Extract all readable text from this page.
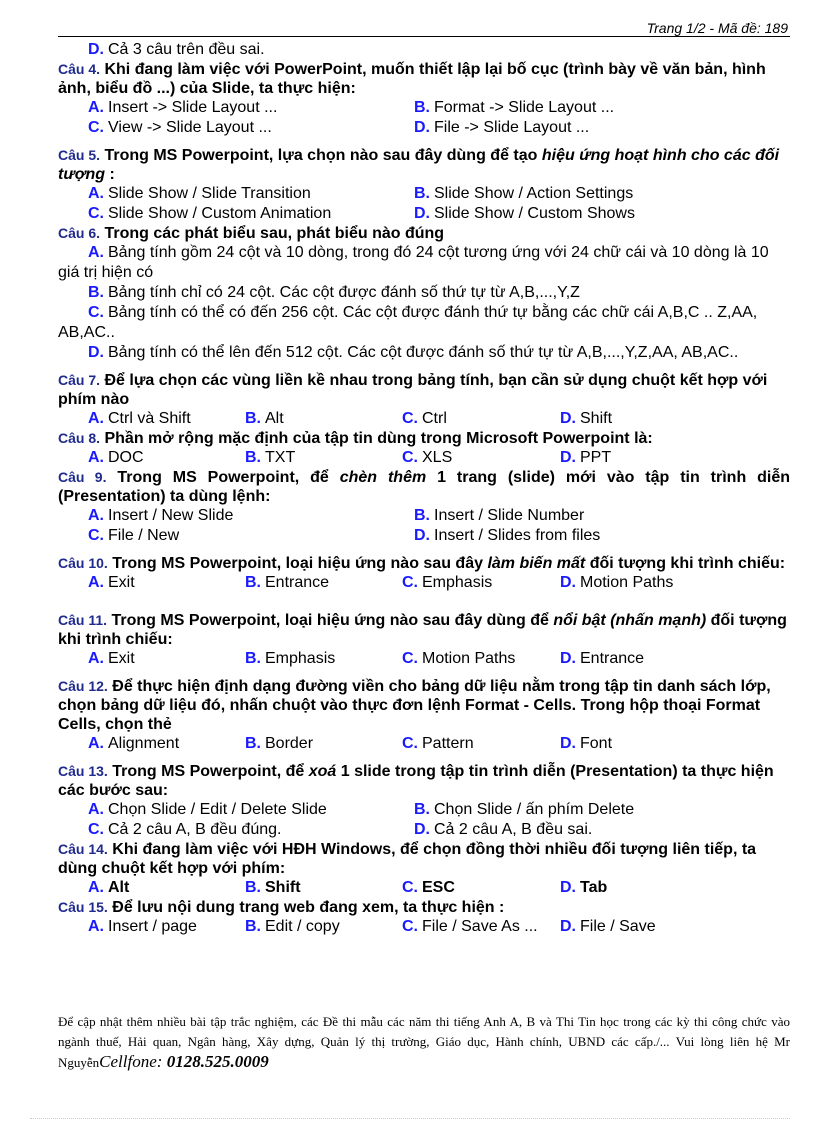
Trang 1/2 - Mã đề: 189
D. Cả 3 câu trên đều sai.
Câu 4. Khi đang làm việc với PowerPoint, muốn thiết lập lại bố cục (trình bày về văn bản, hình ảnh, biểu đồ ...) của Slide, ta thực hiện:
A. Insert -> Slide Layout ...	B. Format -> Slide Layout ...
C. View -> Slide Layout ...	D. File -> Slide Layout ...
Câu 5. Trong MS Powerpoint, lựa chọn nào sau đây dùng để tạo hiệu ứng hoạt hình cho các đối tượng :
A. Slide Show / Slide Transition	B. Slide Show / Action Settings
C. Slide Show / Custom Animation	D. Slide Show / Custom Shows
Câu 6. Trong các phát biểu sau, phát biểu nào đúng
A. Bảng tính gồm 24 cột và 10 dòng, trong đó 24 cột tương ứng với 24 chữ cái và 10 dòng là 10 giá trị hiện có
B. Bảng tính chỉ có 24 cột. Các cột được đánh số thứ tự từ A,B,...,Y,Z
C. Bảng tính có thể có đến 256 cột. Các cột được đánh thứ tự bằng các chữ cái A,B,C .. Z,AA, AB,AC..
D. Bảng tính có thể lên đến 512 cột. Các cột được đánh số thứ tự từ A,B,...,Y,Z,AA, AB,AC..
Câu 7. Để lựa chọn các vùng liền kề nhau trong bảng tính, bạn cần sử dụng chuột kết hợp với phím nào
A. Ctrl và Shift	B. Alt	C. Ctrl	D. Shift
Câu 8. Phần mở rộng mặc định của tập tin dùng trong Microsoft Powerpoint là:
A. DOC	B. TXT	C. XLS	D. PPT
Câu 9. Trong MS Powerpoint, để chèn thêm 1 trang (slide) mới vào tập tin trình diễn (Presentation) ta dùng lệnh:
A. Insert / New Slide	B. Insert / Slide Number
C. File / New	D. Insert / Slides from files
Câu 10. Trong MS Powerpoint, loại hiệu ứng nào sau đây làm biến mất đối tượng khi trình chiếu:
A. Exit	B. Entrance	C. Emphasis	D. Motion Paths
Câu 11. Trong MS Powerpoint, loại hiệu ứng nào sau đây dùng để nổi bật (nhấn mạnh) đối tượng khi trình chiếu:
A. Exit	B. Emphasis	C. Motion Paths	D. Entrance
Câu 12. Để thực hiện định dạng đường viền cho bảng dữ liệu nằm trong tập tin danh sách lớp, chọn bảng dữ liệu đó, nhấn chuột vào thực đơn lệnh Format - Cells. Trong hộp thoại Format Cells, chọn thẻ
A. Alignment	B. Border	C. Pattern	D. Font
Câu 13. Trong MS Powerpoint, để xoá 1 slide trong tập tin trình diễn (Presentation) ta thực hiện các bước sau:
A. Chọn Slide / Edit / Delete Slide	B. Chọn Slide / ấn phím Delete
C. Cả 2 câu A, B đều đúng.	D. Cả 2 câu A, B đều sai.
Câu 14. Khi đang làm việc với HĐH Windows, để chọn đồng thời nhiều đối tượng liên tiếp, ta dùng chuột kết hợp với phím:
A. Alt	B. Shift	C. ESC	D. Tab
Câu 15. Để lưu nội dung trang web đang xem, ta thực hiện :
A. Insert / page	B. Edit / copy	C. File / Save As ...	D. File / Save
Để cập nhật thêm nhiều bài tập trắc nghiệm, các Đề thi mẫu các năm thi tiếng Anh A, B và Thi Tin học trong các kỳ thi công chức vào ngành thuế, Hải quan, Ngân hàng, Xây dựng, Quản lý thị trường, Giáo dục, Hành chính, UBND các cấp./... Vui lòng liên hệ Mr NguyễnCellfone: 0128.525.0009
